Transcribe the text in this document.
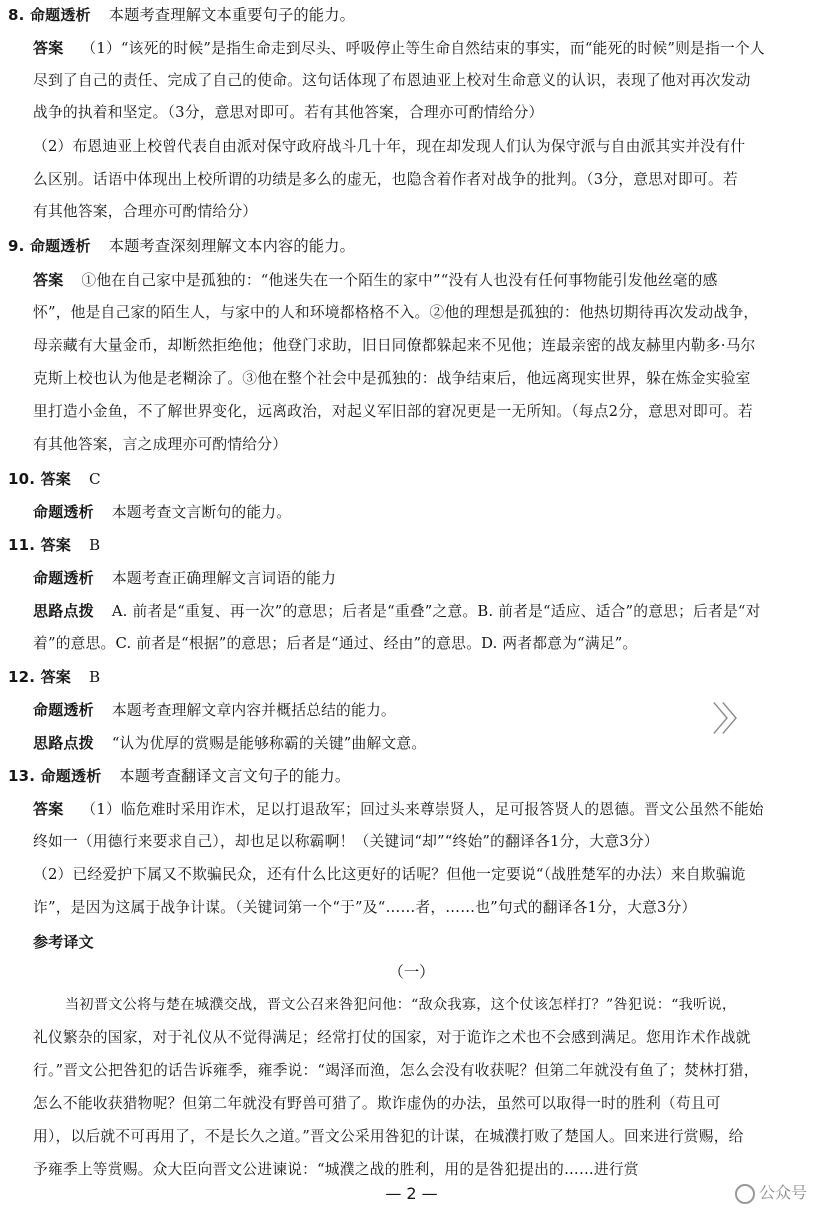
8. 命题透析 本题考查理解文本重要句子的能力。
答案 （1）“该死的时候”是指生命走到尽头、呼吸停止等生命自然结束的事实，而“能死的时候”则是指一个人
尽到了自己的责任、完成了自己的使命。这句话体现了布恩迪亚上校对生命意义的认识，表现了他对再次发动
战争的执着和坚定。（3分，意思对即可。若有其他答案，合理亦可酌情给分）
（2）布恩迪亚上校曾代表自由派对保守政府战斗几十年，现在却发现人们认为保守派与自由派其实并没有什
么区别。话语中体现出上校所谓的功绩是多么的虚无，也隐含着作者对战争的批判。（3分，意思对即可。若
有其他答案，合理亦可酌情给分）
9. 命题透析 本题考查深刻理解文本内容的能力。
答案 ①他在自己家中是孤独的：“他迷失在一个陌生的家中”“没有人也没有任何事物能引发他丝毫的感
怀”，他是自己家的陌生人，与家中的人和环境都格格不入。②他的理想是孤独的：他热切期待再次发动战争，
母亲藏有大量金币，却断然拒绝他；他登门求助，旧日同僚都躲起来不见他；连最亲密的战友赫里内勒多·马尔
克斯上校也认为他是老糊涂了。③他在整个社会中是孤独的：战争结束后，他远离现实世界，躲在炼金实验室
里打造小金鱼，不了解世界变化，远离政治，对起义军旧部的窘况更是一无所知。（每点2分，意思对即可。若
有其他答案，言之成理亦可酌情给分）
10. 答案 C
命题透析 本题考查文言断句的能力。
11. 答案 B
命题透析 本题考查正确理解文言词语的能力
思路点拨 A. 前者是“重复、再一次”的意思；后者是“重叠”之意。B. 前者是“适应、适合”的意思；后者是“对
着”的意思。C. 前者是“根据”的意思；后者是“通过、经由”的意思。D. 两者都意为“满足”。
12. 答案 B
命题透析 本题考查理解文章内容并概括总结的能力。
思路点拨 “认为优厚的赏赐是能够称霸的关键”曲解文意。
13. 命题透析 本题考查翻译文言文句子的能力。
答案 （1）临危难时采用诈术，足以打退敌军；回过头来尊崇贤人，足可报答贤人的恩德。晋文公虽然不能始
终如一（用德行来要求自己），却也足以称霸啊！（关键词“却”“终始”的翻译各1分，大意3分）
（2）已经爱护下属又不欺骗民众，还有什么比这更好的话呢？但他一定要说“（战胜楚军的办法）来自欺骗诡
诈”，是因为这属于战争计谋。（关键词第一个“于”及“……者，……也”句式的翻译各1分，大意3分）
参考译文
当初晋文公将与楚在城濮交战，晋文公召来咎犯问他：“敌众我寡，这个仗该怎样打？”咎犯说：“我听说，
礼仪繁杂的国家，对于礼仪从不觉得满足；经常打仗的国家，对于诡诈之术也不会感到满足。您用诈术作战就
行。”晋文公把咎犯的话告诉雍季，雍季说：“竭泽而渔，怎么会没有收获呢？但第二年就没有鱼了；焚林打猎，
怎么不能收获猎物呢？但第二年就没有野兽可猎了。欺诈虚伪的办法，虽然可以取得一时的胜利（苟且可
用），以后就不可再用了，不是长久之道。”晋文公采用咎犯的计谋，在城濮打败了楚国人。回来进行赏赐，给
予雍季上等赏赐。众大臣向晋文公进谏说：“城濮之战的胜利，用的是咎犯提出的……进行赏
（一）
〉〉
— 2 —	公众号
